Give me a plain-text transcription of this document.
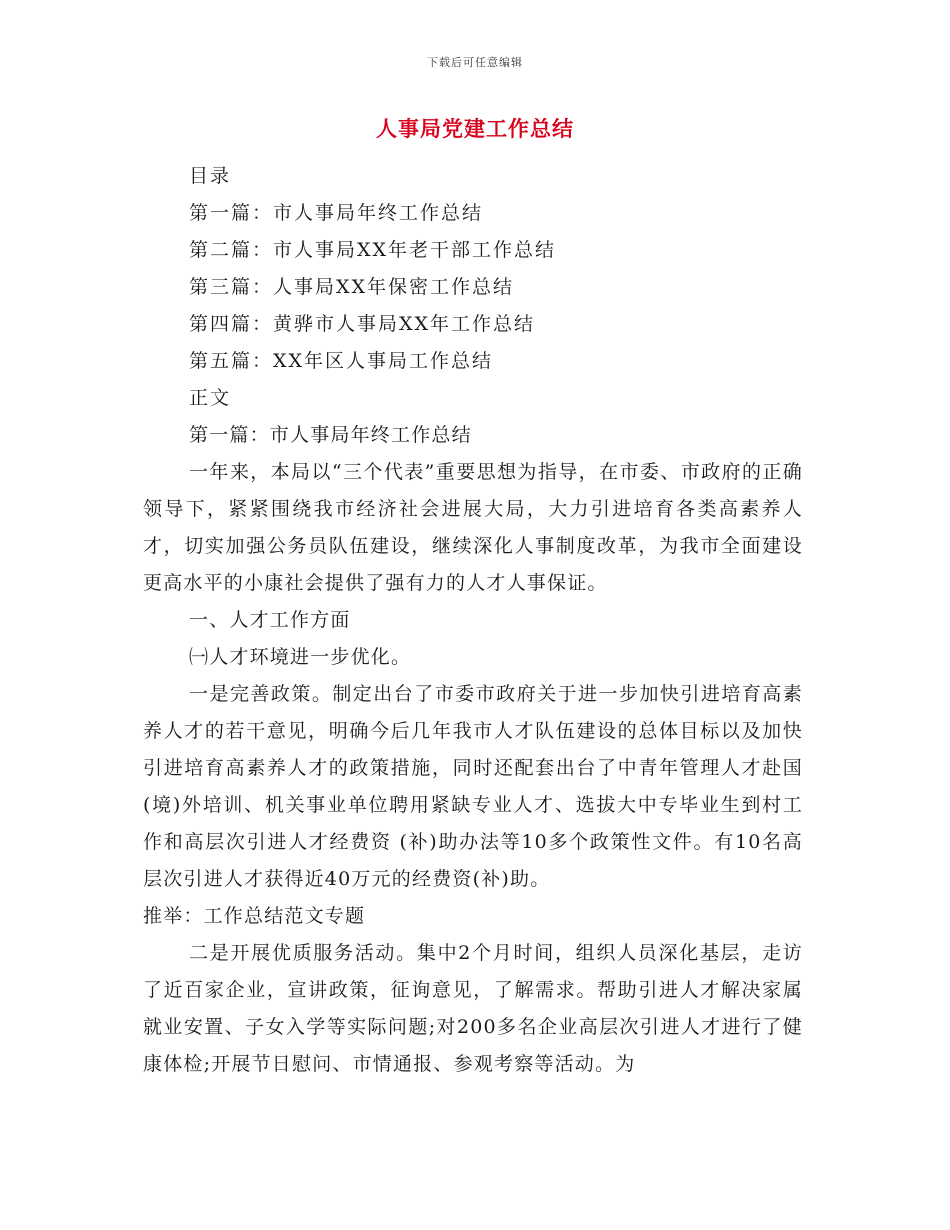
下载后可任意编辑
人事局党建工作总结
目录
第一篇：市人事局年终工作总结
第二篇：市人事局XX年老干部工作总结
第三篇：人事局XX年保密工作总结
第四篇：黄骅市人事局XX年工作总结
第五篇：XX年区人事局工作总结
正文

第一篇：市人事局年终工作总结

一年来，本局以“三个代表”重要思想为指导，在市委、市政府的正确领导下，紧紧围绕我市经济社会进展大局，大力引进培育各类高素养人才，切实加强公务员队伍建设，继续深化人事制度改革，为我市全面建设更高水平的小康社会提供了强有力的人才人事保证。

一、人才工作方面

㈠人才环境进一步优化。

一是完善政策。制定出台了市委市政府关于进一步加快引进培育高素养人才的若干意见，明确今后几年我市人才队伍建设的总体目标以及加快引进培育高素养人才的政策措施，同时还配套出台了中青年管理人才赴国(境)外培训、机关事业单位聘用紧缺专业人才、选拔大中专毕业生到村工作和高层次引进人才经费资 (补)助办法等10多个政策性文件。有10名高层次引进人才获得近40万元的经费资(补)助。

推举：工作总结范文专题

二是开展优质服务活动。集中2个月时间，组织人员深化基层，走访了近百家企业，宣讲政策，征询意见，了解需求。帮助引进人才解决家属就业安置、子女入学等实际问题;对200多名企业高层次引进人才进行了健康体检;开展节日慰问、市情通报、参观考察等活动。为
